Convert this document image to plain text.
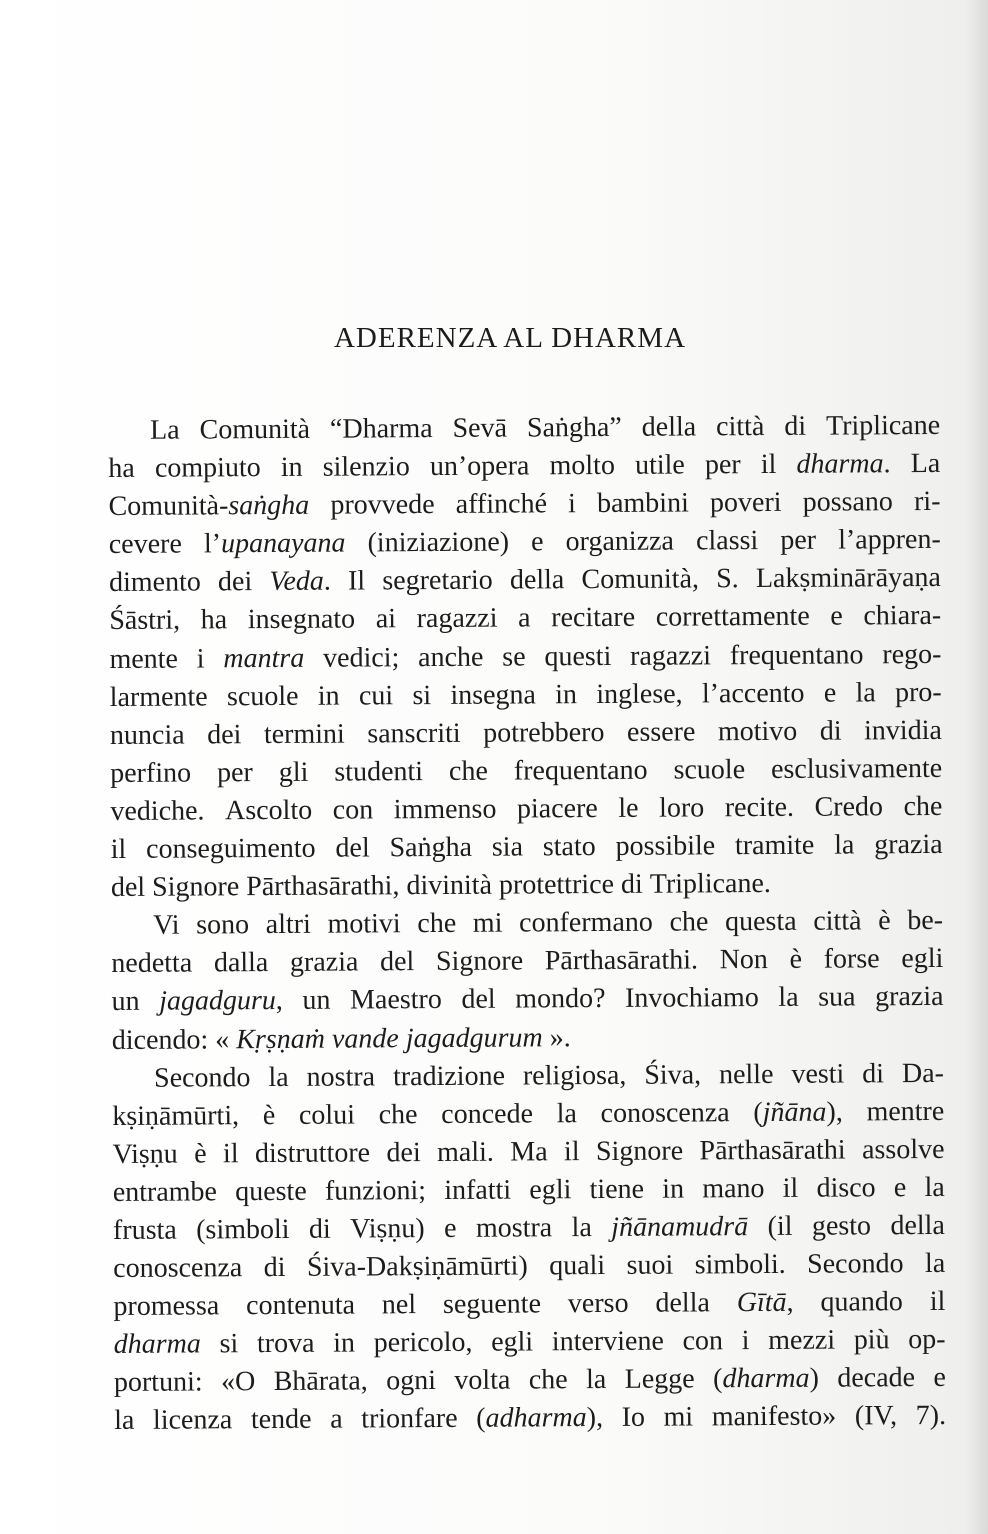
ADERENZA AL DHARMA
La Comunità “Dharma Sevā Saṅgha” della città di Triplicane
ha compiuto in silenzio un’opera molto utile per il dharma. La
Comunità-saṅgha provvede affinché i bambini poveri possano ri-
cevere l’upanayana (iniziazione) e organizza classi per l’appren-
dimento dei Veda. Il segretario della Comunità, S. Lakṣminārāyaṇa
Śāstri, ha insegnato ai ragazzi a recitare correttamente e chiara-
mente i mantra vedici; anche se questi ragazzi frequentano rego-
larmente scuole in cui si insegna in inglese, l’accento e la pro-
nuncia dei termini sanscriti potrebbero essere motivo di invidia
perfino per gli studenti che frequentano scuole esclusivamente
vediche. Ascolto con immenso piacere le loro recite. Credo che
il conseguimento del Saṅgha sia stato possibile tramite la grazia
del Signore Pārthasārathi, divinità protettrice di Triplicane.
Vi sono altri motivi che mi confermano che questa città è be-
nedetta dalla grazia del Signore Pārthasārathi. Non è forse egli
un jagadguru, un Maestro del mondo? Invochiamo la sua grazia
dicendo: « Kṛṣṇaṁ vande jagadgurum ».
Secondo la nostra tradizione religiosa, Śiva, nelle vesti di Da-
kṣiṇāmūrti, è colui che concede la conoscenza (jñāna), mentre
Viṣṇu è il distruttore dei mali. Ma il Signore Pārthasārathi assolve
entrambe queste funzioni; infatti egli tiene in mano il disco e la
frusta (simboli di Viṣṇu) e mostra la jñānamudrā (il gesto della
conoscenza di Śiva-Dakṣiṇāmūrti) quali suoi simboli. Secondo la
promessa contenuta nel seguente verso della Gītā, quando il
dharma si trova in pericolo, egli interviene con i mezzi più op-
portuni: «O Bhārata, ogni volta che la Legge (dharma) decade e
la licenza tende a trionfare (adharma), Io mi manifesto» (IV, 7).
